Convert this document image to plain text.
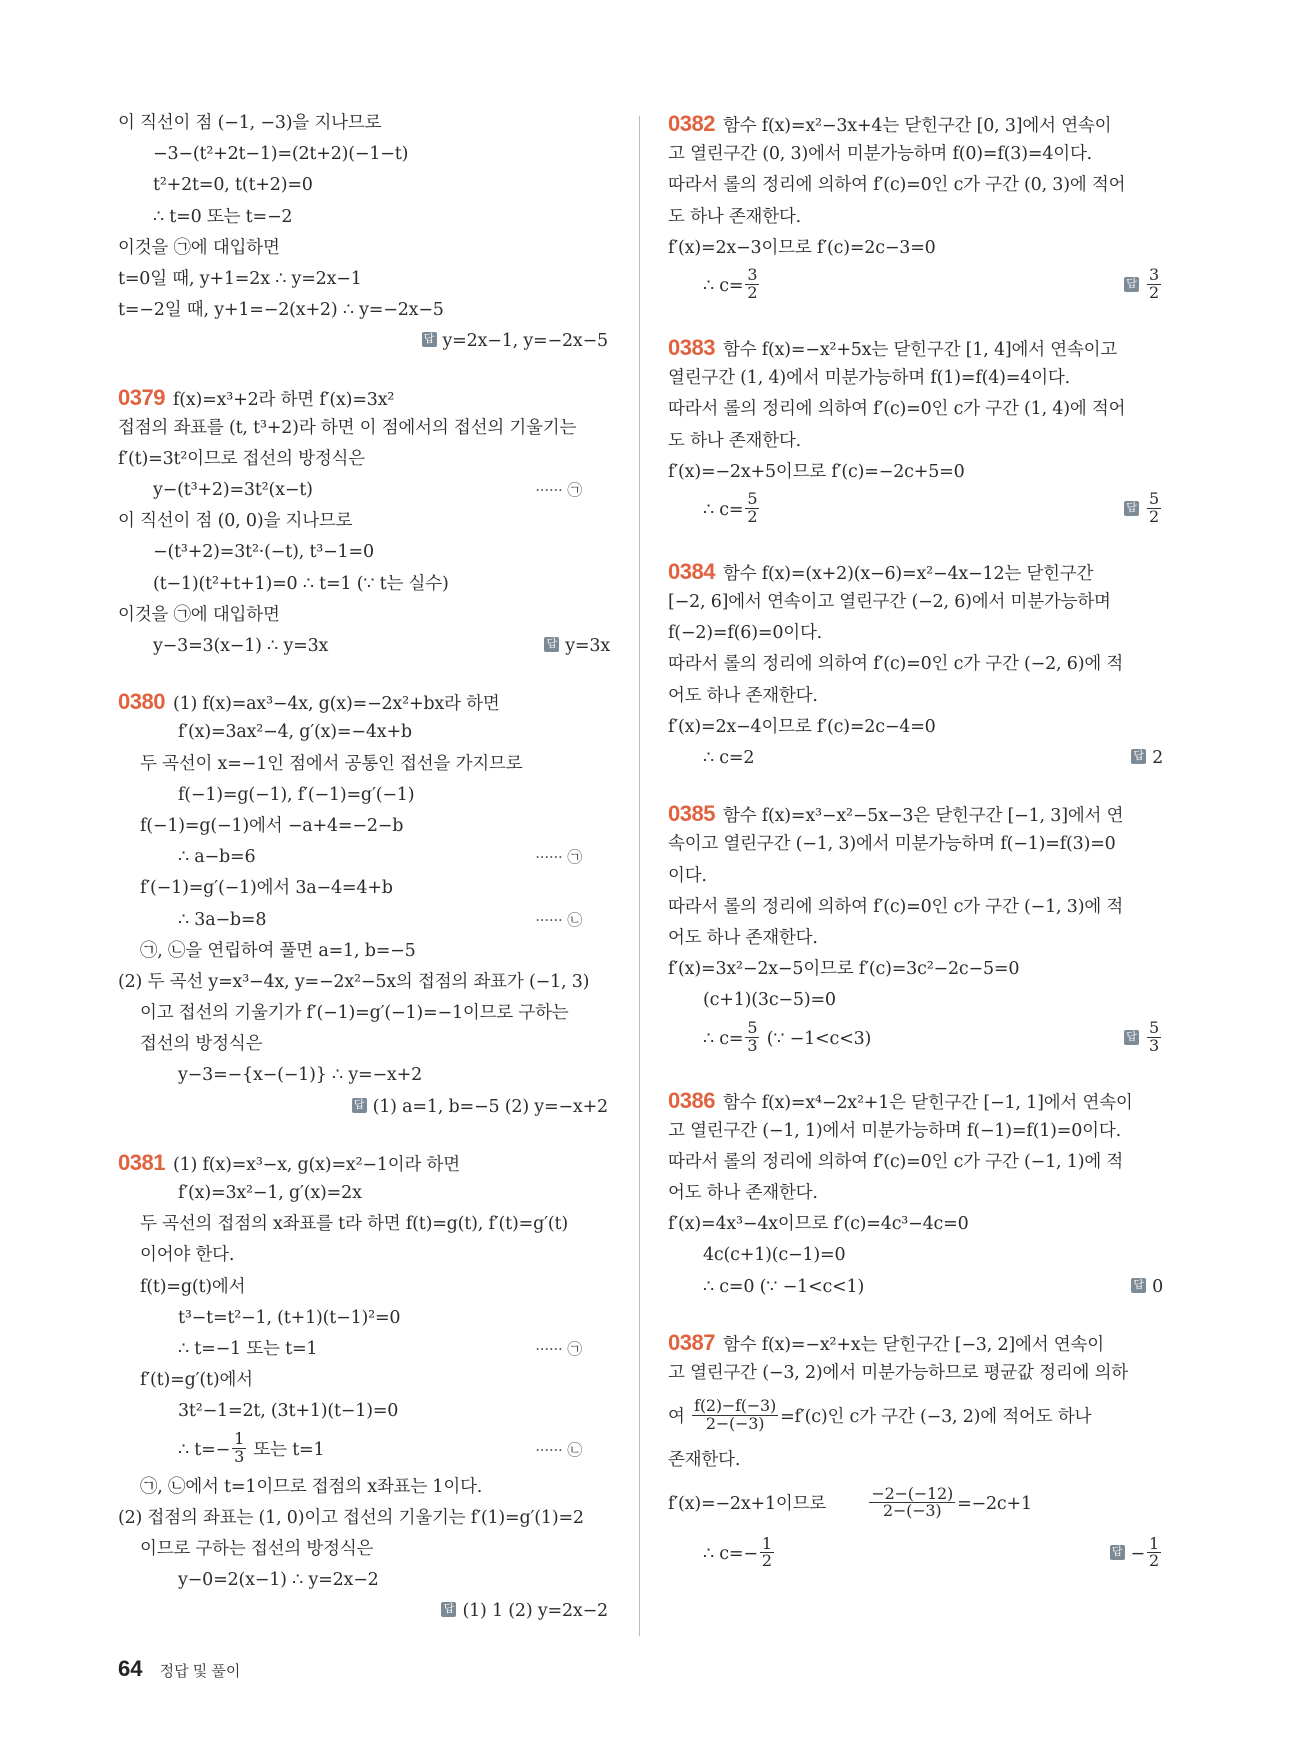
이 직선이 점 (−1, −3)을 지나므로
−3−(t²+2t−1)=(2t+2)(−1−t)
t²+2t=0, t(t+2)=0
∴ t=0 또는 t=−2
이것을 ㉠에 대입하면
t=0일 때, y+1=2x ∴ y=2x−1
t=−2일 때, y+1=−2(x+2) ∴ y=−2x−5
답 y=2x−1, y=−2x−5
0379 f(x)=x³+2라 하면 f′(x)=3x²
접점의 좌표를 (t, t³+2)라 하면 이 점에서의 접선의 기울기는
f′(t)=3t²이므로 접선의 방정식은
y−(t³+2)=3t²(x−t)	······ ㉠
이 직선이 점 (0, 0)을 지나므로
−(t³+2)=3t²·(−t), t³−1=0
(t−1)(t²+t+1)=0 ∴ t=1 (∵ t는 실수)
이것을 ㉠에 대입하면
y−3=3(x−1) ∴ y=3x	답 y=3x
0380 (1) f(x)=ax³−4x, g(x)=−2x²+bx라 하면
f′(x)=3ax²−4, g′(x)=−4x+b
두 곡선이 x=−1인 점에서 공통인 접선을 가지므로
f(−1)=g(−1), f′(−1)=g′(−1)
f(−1)=g(−1)에서 −a+4=−2−b
∴ a−b=6	······ ㉠
f′(−1)=g′(−1)에서 3a−4=4+b
∴ 3a−b=8	······ ㉡
㉠, ㉡을 연립하여 풀면 a=1, b=−5
(2) 두 곡선 y=x³−4x, y=−2x²−5x의 접점의 좌표가 (−1, 3)
이고 접선의 기울기가 f′(−1)=g′(−1)=−1이므로 구하는
접선의 방정식은
y−3=−{x−(−1)} ∴ y=−x+2
답 (1) a=1, b=−5 (2) y=−x+2
0381 (1) f(x)=x³−x, g(x)=x²−1이라 하면
f′(x)=3x²−1, g′(x)=2x
두 곡선의 접점의 x좌표를 t라 하면 f(t)=g(t), f′(t)=g′(t)
이어야 한다.
f(t)=g(t)에서
t³−t=t²−1, (t+1)(t−1)²=0
∴ t=−1 또는 t=1	······ ㉠
f′(t)=g′(t)에서
3t²−1=2t, (3t+1)(t−1)=0
∴ $t=- \frac{1}{3}$ 또는 t=1	······ ㉡
㉠, ㉡에서 t=1이므로 접점의 x좌표는 1이다.
(2) 접점의 좌표는 (1, 0)이고 접선의 기울기는 f′(1)=g′(1)=2
이므로 구하는 접선의 방정식은
y−0=2(x−1) ∴ y=2x−2
답 (1) 1 (2) y=2x−2
0382 함수 f(x)=x²−3x+4는 닫힌구간 [0, 3]에서 연속이
고 열린구간 (0, 3)에서 미분가능하며 f(0)=f(3)=4이다.
따라서 롤의 정리에 의하여 f′(c)=0인 c가 구간 (0, 3)에 적어
도 하나 존재한다.
f′(x)=2x−3이므로 f′(c)=2c−3=0
∴ $c= \frac{3}{2}$	답 $\frac{3}{2}$
0383 함수 f(x)=−x²+5x는 닫힌구간 [1, 4]에서 연속이고
열린구간 (1, 4)에서 미분가능하며 f(1)=f(4)=4이다.
따라서 롤의 정리에 의하여 f′(c)=0인 c가 구간 (1, 4)에 적어
도 하나 존재한다.
f′(x)=−2x+5이므로 f′(c)=−2c+5=0
∴ $c= \frac{5}{2}$	답 $\frac{5}{2}$
0384 함수 f(x)=(x+2)(x−6)=x²−4x−12는 닫힌구간
[−2, 6]에서 연속이고 열린구간 (−2, 6)에서 미분가능하며
f(−2)=f(6)=0이다.
따라서 롤의 정리에 의하여 f′(c)=0인 c가 구간 (−2, 6)에 적
어도 하나 존재한다.
f′(x)=2x−4이므로 f′(c)=2c−4=0
∴ c=2	답 2
0385 함수 f(x)=x³−x²−5x−3은 닫힌구간 [−1, 3]에서 연
속이고 열린구간 (−1, 3)에서 미분가능하며 f(−1)=f(3)=0
이다.
따라서 롤의 정리에 의하여 f′(c)=0인 c가 구간 (−1, 3)에 적
어도 하나 존재한다.
f′(x)=3x²−2x−5이므로 f′(c)=3c²−2c−5=0
(c+1)(3c−5)=0
∴ $c= \frac{5}{3}$ (∵ −1<c<3)	답 $\frac{5}{3}$
0386 함수 f(x)=x⁴−2x²+1은 닫힌구간 [−1, 1]에서 연속이
고 열린구간 (−1, 1)에서 미분가능하며 f(−1)=f(1)=0이다.
따라서 롤의 정리에 의하여 f′(c)=0인 c가 구간 (−1, 1)에 적
어도 하나 존재한다.
f′(x)=4x³−4x이므로 f′(c)=4c³−4c=0
4c(c+1)(c−1)=0
∴ c=0 (∵ −1<c<1)	답 0
0387 함수 f(x)=−x²+x는 닫힌구간 [−3, 2]에서 연속이
고 열린구간 (−3, 2)에서 미분가능하므로 평균값 정리에 의하
여 $\frac{f(2)-f(-3)}{2-(-3)} =f'(c)$인 c가 구간 (−3, 2)에 적어도 하나
존재한다.
f′(x)=−2x+1이므로	$\frac{-2-(-12)}{2-(-3)} =-2c+1$
∴ $c=- \frac{1}{2}$	답 − $\frac{1}{2}$
64 정답 및 풀이
